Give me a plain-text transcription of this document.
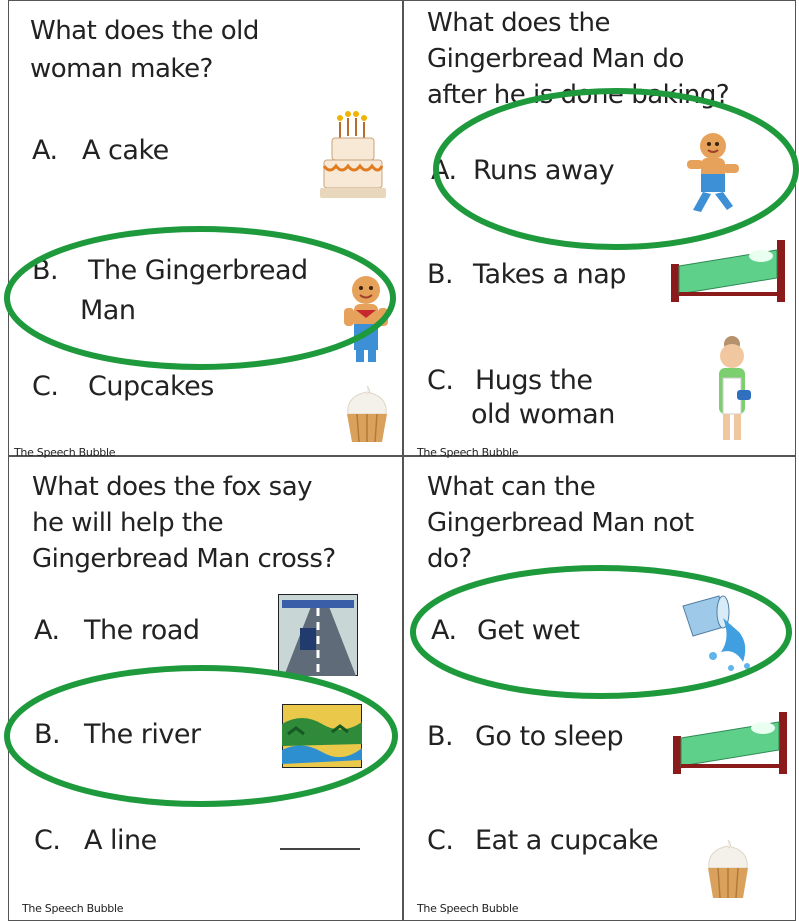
What does the old
woman make?
A. A cake
B. The Gingerbread
Man
C. Cupcakes
The Speech Bubble
What does the
Gingerbread Man do
after he is done baking?
A. Runs away
B. Takes a nap
C. Hugs the
old woman
The Speech Bubble
What does the fox say
he will help the
Gingerbread Man cross?
A. The road
B. The river
C. A line
The Speech Bubble
What can the
Gingerbread Man not
do?
A. Get wet
B. Go to sleep
C. Eat a cupcake
The Speech Bubble
